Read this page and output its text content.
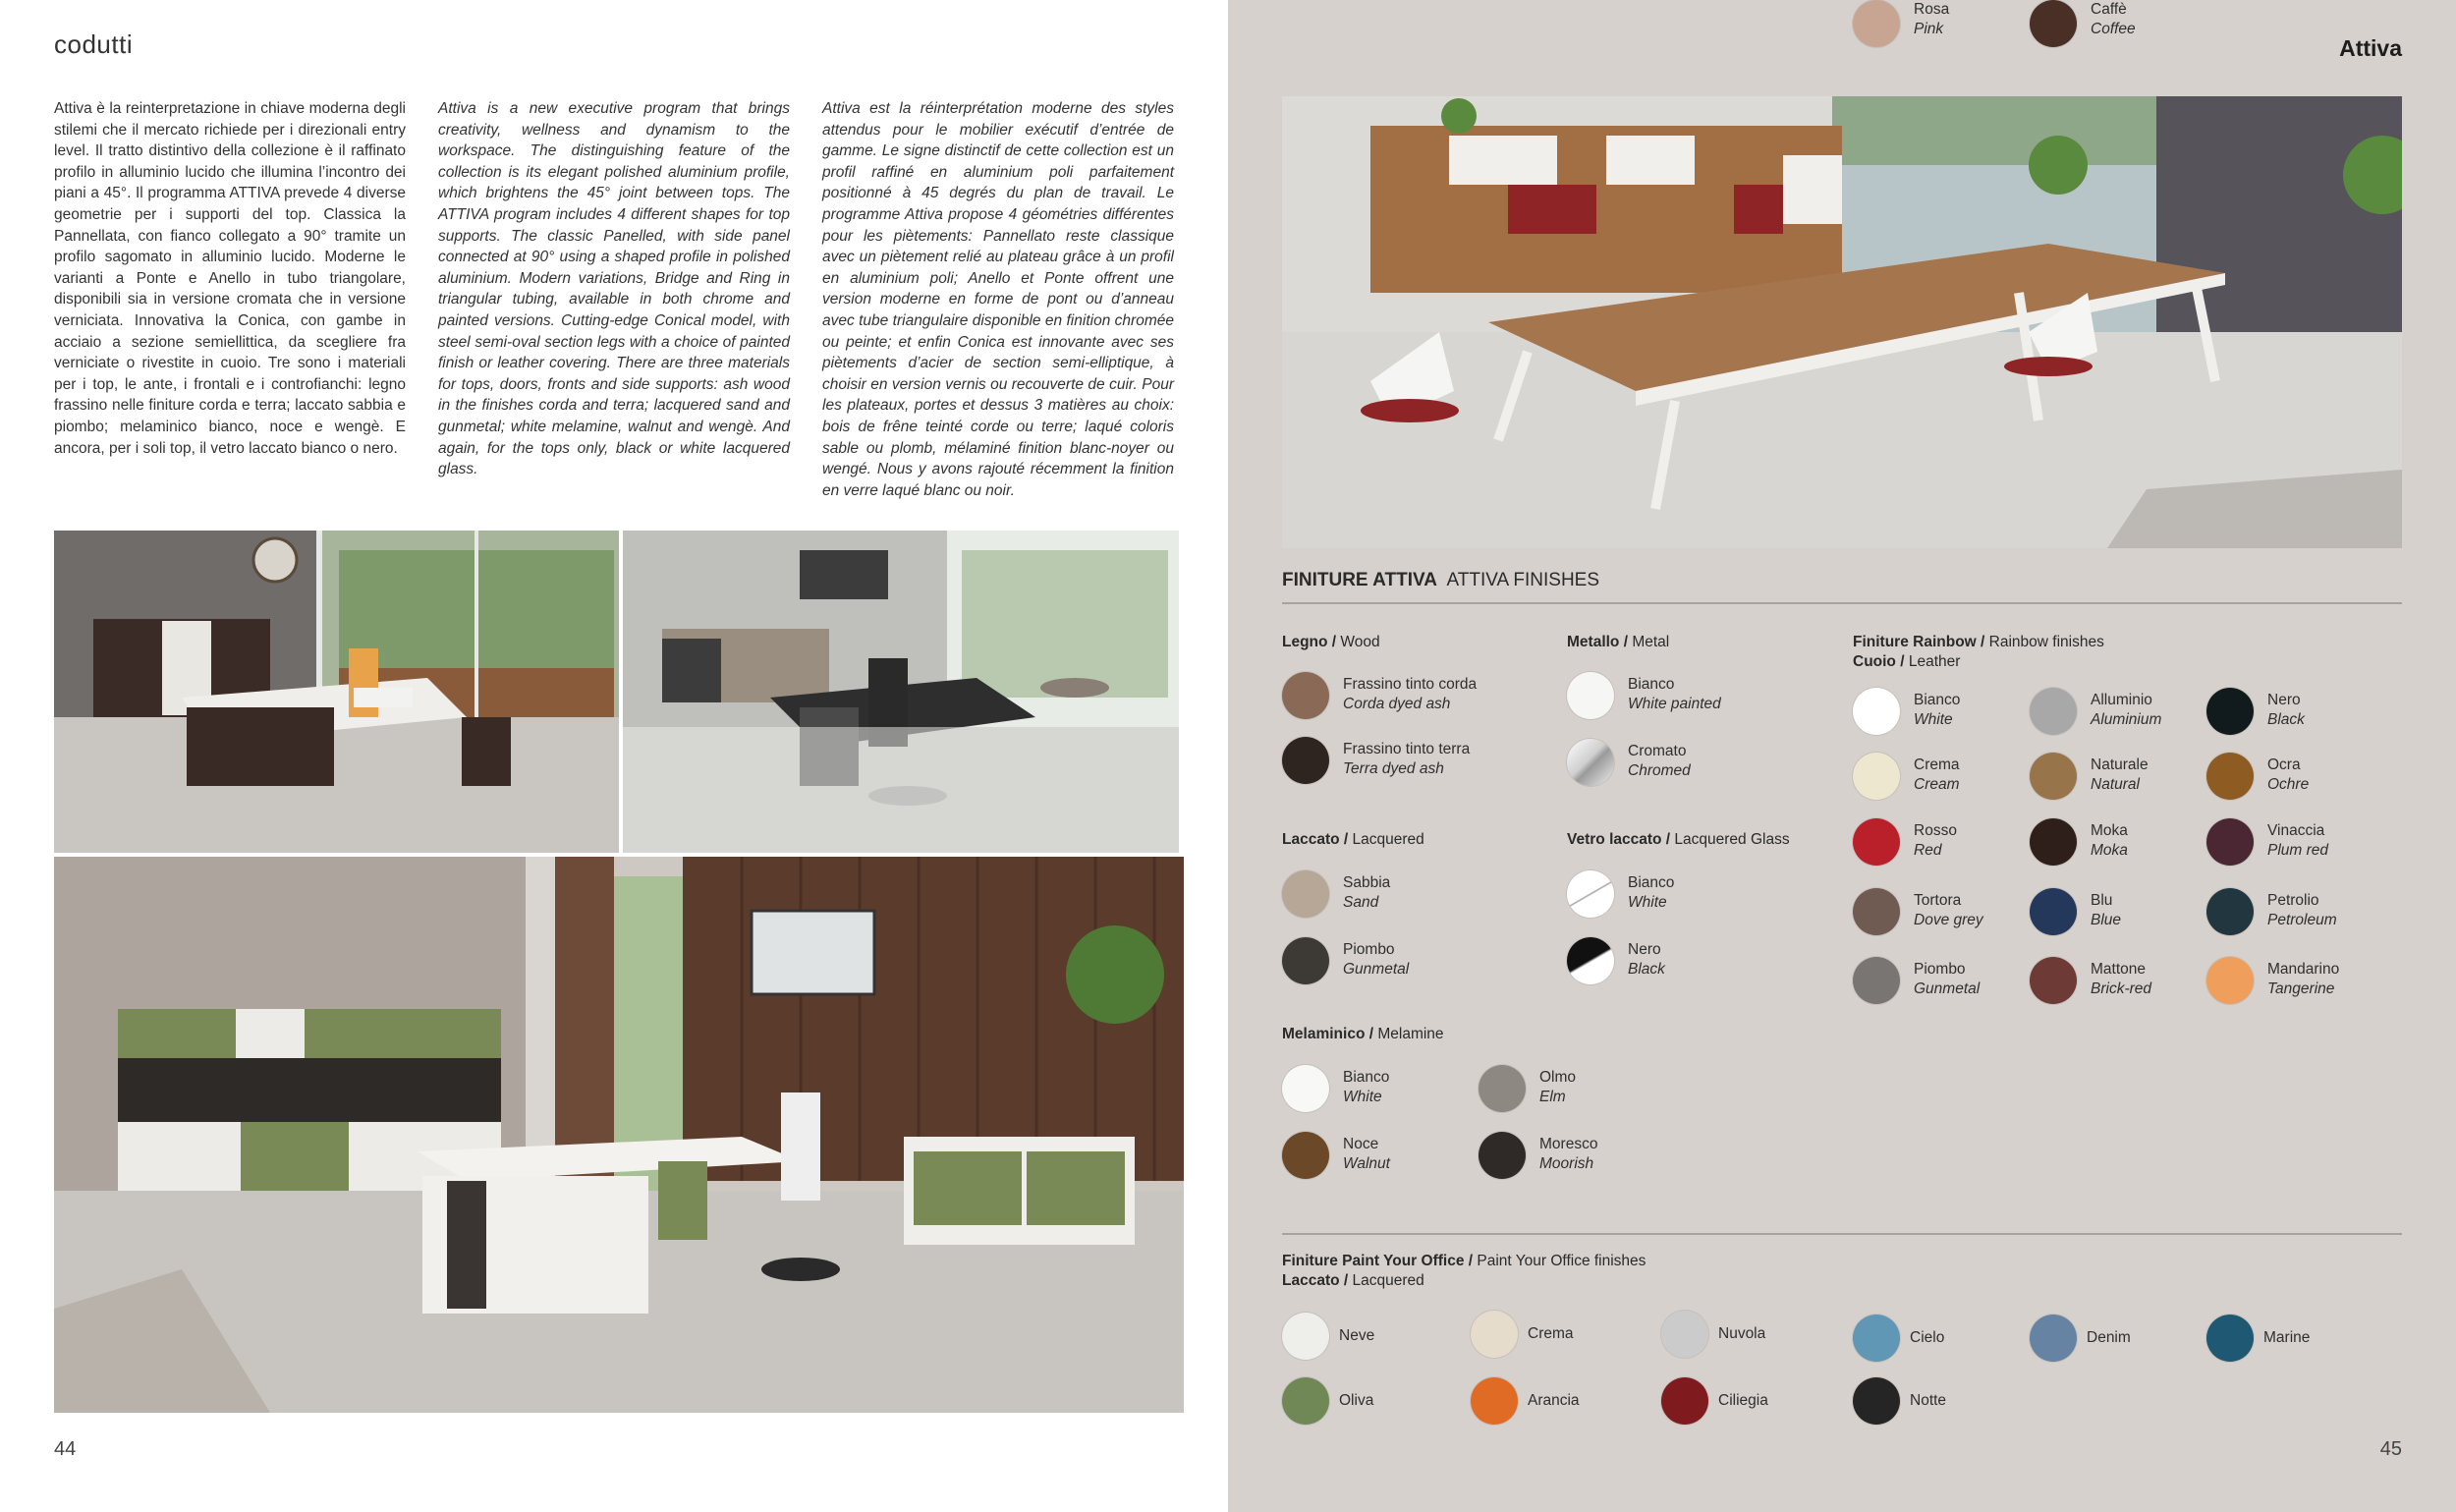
codutti
Attiva è la reinterpretazione in chiave moderna degli stilemi che il mercato richiede per i direzionali entry level. Il tratto distintivo della collezione è il raffinato profilo in alluminio lucido che illumina l’incontro dei piani a 45°. Il programma ATTIVA prevede 4 diverse geometrie per i supporti del top. Classica la Pannellata, con fianco collegato a 90° tramite un profilo sagomato in alluminio lucido. Moderne le varianti a Ponte e Anello in tubo triangolare, disponibili sia in versione cromata che in versione verniciata. Innovativa la Conica, con gambe in acciaio a sezione semiellittica, da scegliere fra verniciate o rivestite in cuoio. Tre sono i materiali per i top, le ante, i frontali e i controfianchi: legno frassino nelle finiture corda e terra; laccato sabbia e piombo; melaminico bianco, noce e wengè. E ancora, per i soli top, il vetro laccato bianco o nero.
Attiva is a new executive program that brings creativity, wellness and dynamism to the workspace. The distinguishing feature of the collection is its elegant polished aluminium profile, which brightens the 45° joint between tops. The ATTIVA program includes 4 different shapes for top supports. The classic Panelled, with side panel connected at 90° using a shaped profile in polished aluminium. Modern variations, Bridge and Ring in triangular tubing, available in both chrome and painted versions. Cutting-edge Conical model, with steel semi-oval section legs with a choice of painted finish or leather covering. There are three materials for tops, doors, fronts and side supports: ash wood in the finishes corda and terra; lacquered sand and gunmetal; white melamine, walnut and wengè. And again, for the tops only, black or white lacquered glass.
Attiva est la réinterprétation moderne des styles attendus pour le mobilier exécutif d’entrée de gamme. Le signe distinctif de cette collection est un profil raffiné en aluminium poli parfaitement positionné à 45 degrés du plan de travail. Le programme Attiva propose 4 géométries différentes pour les piètements: Pannellato reste classique avec un piètement relié au plateau grâce à un profil en aluminium poli; Anello et Ponte offrent une version moderne en forme de pont ou d’anneau avec tube triangulaire disponible en finition chromée ou peinte; et enfin Conica est innovante avec ses piètements d’acier de section semi-elliptique, à choisir en version vernis ou recouverte de cuir. Pour les plateaux, portes et dessus 3 matières au choix: bois de frêne teinté corde ou terre; laqué coloris sable ou plomb, mélaminé finition blanc-noyer ou wengé. Nous y avons rajouté récemment la finition en verre laqué blanc ou noir.
44
Attiva
FINITURE ATTIVA ATTIVA FINISHES
Legno / Wood
Frassino tinto corda
Corda dyed ash
Frassino tinto terra
Terra dyed ash
Metallo / Metal
Bianco
White painted
Cromato
Chromed
Laccato / Lacquered
Sabbia
Sand
Piombo
Gunmetal
Vetro laccato / Lacquered Glass
Bianco
White
Nero
Black
Melaminico / Melamine
Bianco
White
Olmo
Elm
Noce
Walnut
Moresco
Moorish
Finiture Rainbow / Rainbow finishes
Cuoio / Leather
Bianco
White
Alluminio
Aluminium
Nero
Black
Crema
Cream
Naturale
Natural
Ocra
Ochre
Rosso
Red
Moka
Moka
Vinaccia
Plum red
Tortora
Dove grey
Blu
Blue
Petrolio
Petroleum
Piombo
Gunmetal
Mattone
Brick-red
Mandarino
Tangerine
Rosa
Pink
Caffè
Coffee
Finiture Paint Your Office / Paint Your Office finishes
Laccato / Lacquered
Neve	Crema	Nuvola	Cielo	Denim	Marine
Oliva	Arancia	Ciliegia	Notte
45
